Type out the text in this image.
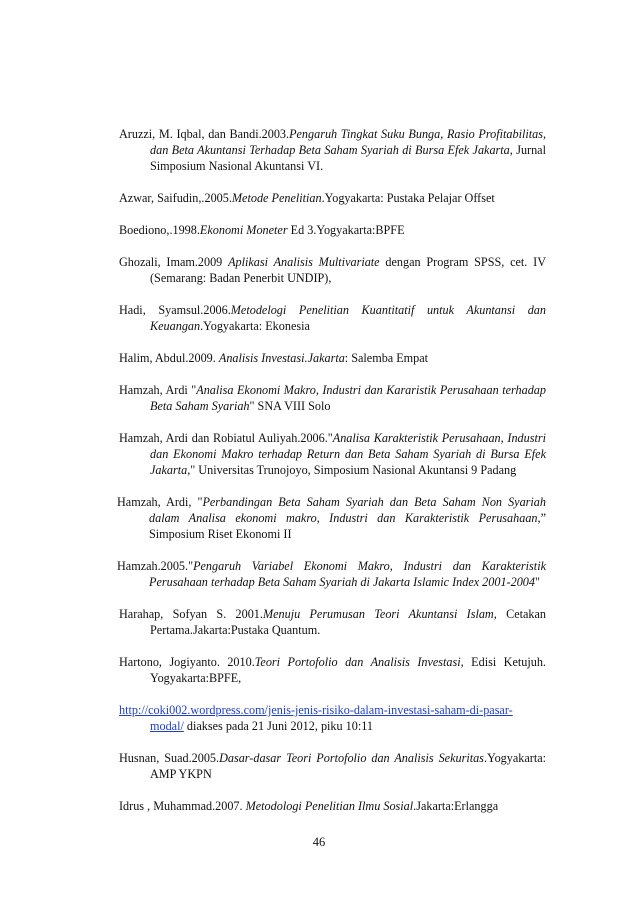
Aruzzi, M. Iqbal, dan Bandi.2003.Pengaruh Tingkat Suku Bunga, Rasio Profitabilitas, dan Beta Akuntansi Terhadap Beta Saham Syariah di Bursa Efek Jakarta, Jurnal Simposium Nasional Akuntansi VI.

Azwar, Saifudin,.2005.Metode Penelitian.Yogyakarta: Pustaka Pelajar Offset

Boediono,.1998.Ekonomi Moneter Ed 3.Yogyakarta:BPFE

Ghozali, Imam.2009 Aplikasi Analisis Multivariate dengan Program SPSS, cet. IV (Semarang: Badan Penerbit UNDIP),

Hadi, Syamsul.2006.Metodelogi Penelitian Kuantitatif untuk Akuntansi dan Keuangan.Yogyakarta: Ekonesia

Halim, Abdul.2009. Analisis Investasi.Jakarta: Salemba Empat

Hamzah, Ardi "Analisa Ekonomi Makro, Industri dan Kararistik Perusahaan terhadap Beta Saham Syariah" SNA VIII Solo

Hamzah, Ardi dan Robiatul Auliyah.2006."Analisa Karakteristik Perusahaan, Industri dan Ekonomi Makro terhadap Return dan Beta Saham Syariah di Bursa Efek Jakarta," Universitas Trunojoyo, Simposium Nasional Akuntansi 9 Padang

Hamzah, Ardi, "Perbandingan Beta Saham Syariah dan Beta Saham Non Syariah dalam Analisa ekonomi makro, Industri dan Karakteristik Perusahaan,” Simposium Riset Ekonomi II

Hamzah.2005."Pengaruh Variabel Ekonomi Makro, Industri dan Karakteristik Perusahaan terhadap Beta Saham Syariah di Jakarta Islamic Index 2001-2004"

Harahap, Sofyan S. 2001.Menuju Perumusan Teori Akuntansi Islam, Cetakan Pertama.Jakarta:Pustaka Quantum.

Hartono, Jogiyanto. 2010.Teori Portofolio dan Analisis Investasi, Edisi Ketujuh. Yogyakarta:BPFE,

http://coki002.wordpress.com/jenis-jenis-risiko-dalam-investasi-saham-di-pasar-modal/ diakses pada 21 Juni 2012, piku 10:11

Husnan, Suad.2005.Dasar-dasar Teori Portofolio dan Analisis Sekuritas.Yogyakarta: AMP YKPN

Idrus , Muhammad.2007. Metodologi Penelitian Ilmu Sosial.Jakarta:Erlangga

46
